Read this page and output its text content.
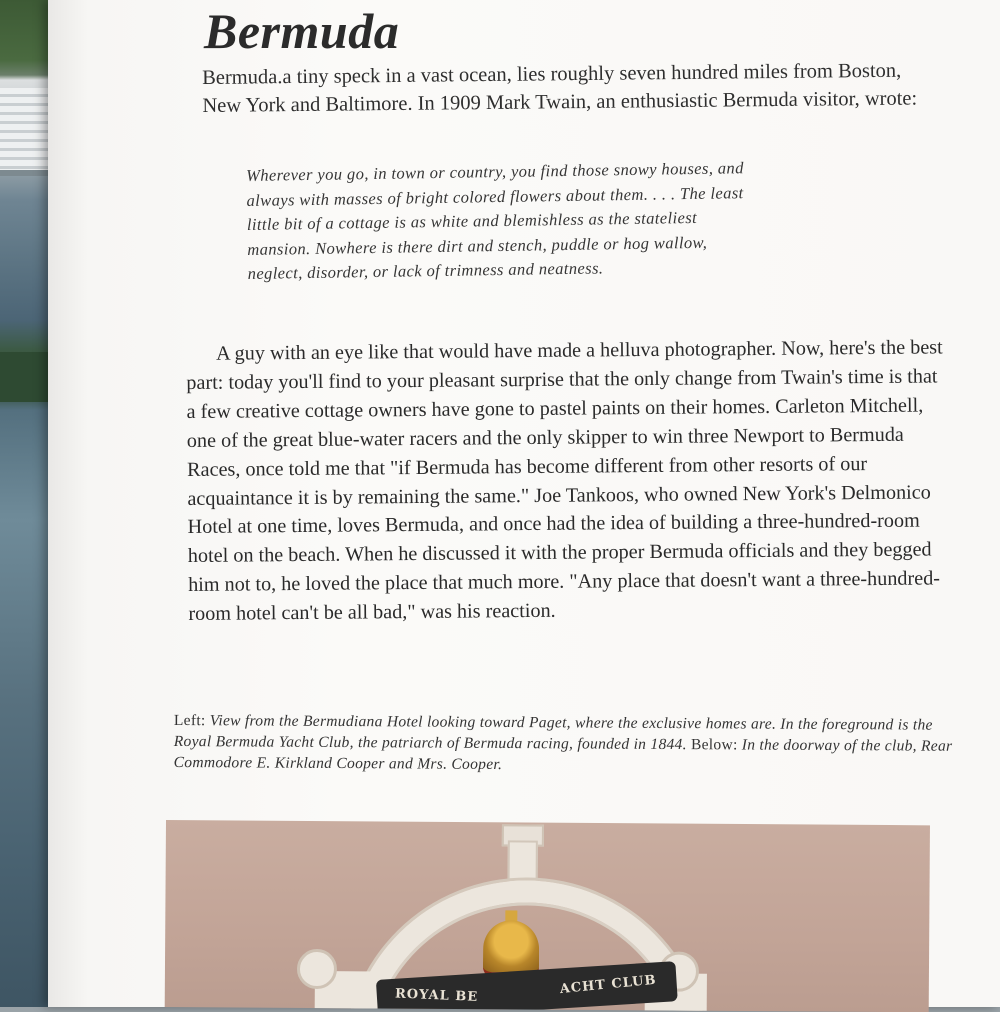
Bermuda

Bermuda.a tiny speck in a vast ocean, lies roughly seven hundred miles from Boston, New York and Baltimore. In 1909 Mark Twain, an enthusiastic Bermuda visitor, wrote:

Wherever you go, in town or country, you find those snowy houses, and always with masses of bright colored flowers about them. . . . The least little bit of a cottage is as white and blemishless as the stateliest mansion. Nowhere is there dirt and stench, puddle or hog wallow, neglect, disorder, or lack of trimness and neatness.

A guy with an eye like that would have made a helluva photographer. Now, here's the best part: today you'll find to your pleasant surprise that the only change from Twain's time is that a few creative cottage owners have gone to pastel paints on their homes. Carleton Mitchell, one of the great blue-water racers and the only skipper to win three Newport to Bermuda Races, once told me that "if Bermuda has become different from other resorts of our acquaintance it is by remaining the same." Joe Tankoos, who owned New York's Delmonico Hotel at one time, loves Bermuda, and once had the idea of building a three-hundred-room hotel on the beach. When he discussed it with the proper Bermuda officials and they begged him not to, he loved the place that much more. "Any place that doesn't want a three-hundred-room hotel can't be all bad," was his reaction.

Left: View from the Bermudiana Hotel looking toward Paget, where the exclusive homes are. In the foreground is the Royal Bermuda Yacht Club, the patriarch of Bermuda racing, founded in 1844. Below: In the doorway of the club, Rear Commodore E. Kirkland Cooper and Mrs. Cooper.

ROYAL BE	ACHT CLUB
